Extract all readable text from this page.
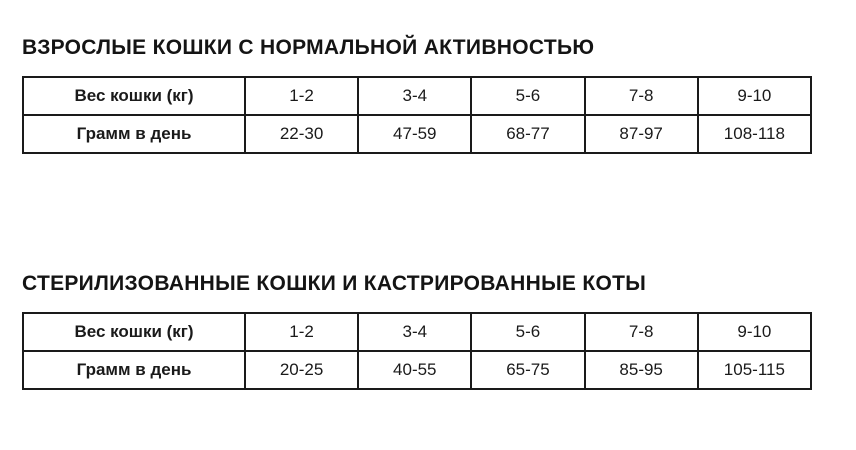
ВЗРОСЛЫЕ КОШКИ С НОРМАЛЬНОЙ АКТИВНОСТЬЮ
Вес кошки (кг)	1-2	3-4	5-6	7-8	9-10
Грамм в день	22-30	47-59	68-77	87-97	108-118
СТЕРИЛИЗОВАННЫЕ КОШКИ И КАСТРИРОВАННЫЕ КОТЫ
Вес кошки (кг)	1-2	3-4	5-6	7-8	9-10
Грамм в день	20-25	40-55	65-75	85-95	105-115
